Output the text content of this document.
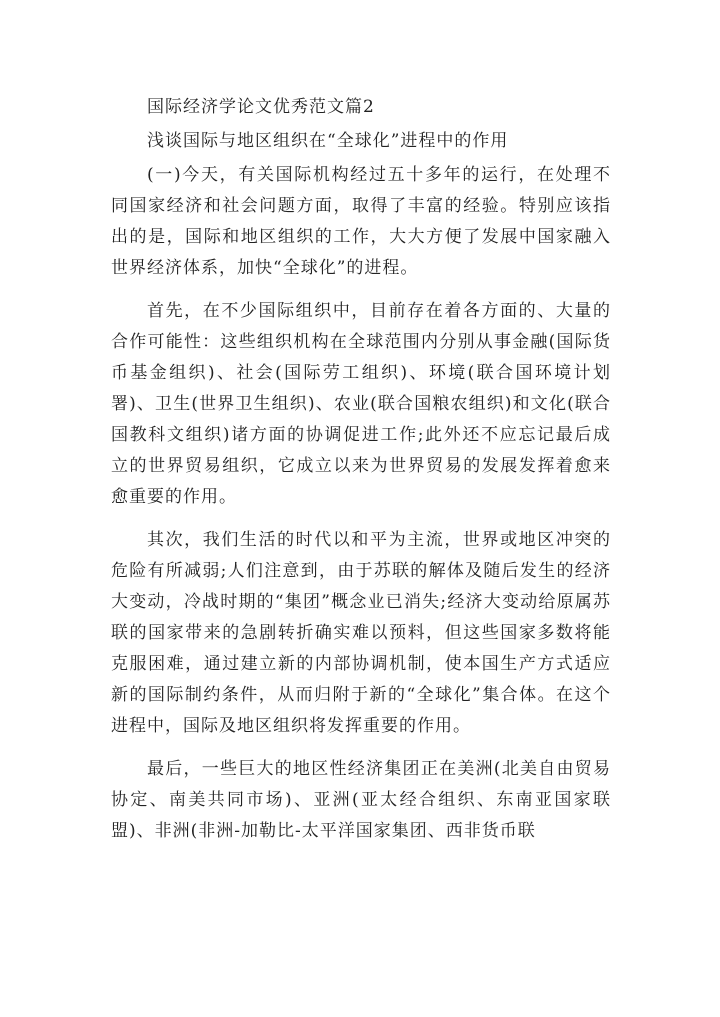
国际经济学论文优秀范文篇2

浅谈国际与地区组织在“全球化”进程中的作用

(一)今天，有关国际机构经过五十多年的运行，在处理不同国家经济和社会问题方面，取得了丰富的经验。特别应该指出的是，国际和地区组织的工作，大大方便了发展中国家融入世界经济体系，加快“全球化”的进程。

首先，在不少国际组织中，目前存在着各方面的、大量的合作可能性：这些组织机构在全球范围内分别从事金融(国际货币基金组织)、社会(国际劳工组织)、环境(联合国环境计划署)、卫生(世界卫生组织)、农业(联合国粮农组织)和文化(联合国教科文组织)诸方面的协调促进工作;此外还不应忘记最后成立的世界贸易组织，它成立以来为世界贸易的发展发挥着愈来愈重要的作用。

其次，我们生活的时代以和平为主流，世界或地区冲突的危险有所减弱;人们注意到，由于苏联的解体及随后发生的经济大变动，冷战时期的“集团”概念业已消失;经济大变动给原属苏联的国家带来的急剧转折确实难以预料，但这些国家多数将能克服困难，通过建立新的内部协调机制，使本国生产方式适应新的国际制约条件，从而归附于新的“全球化”集合体。在这个进程中，国际及地区组织将发挥重要的作用。

最后，一些巨大的地区性经济集团正在美洲(北美自由贸易协定、南美共同市场)、亚洲(亚太经合组织、东南亚国家联盟)、非洲(非洲-加勒比-太平洋国家集团、西非货币联
